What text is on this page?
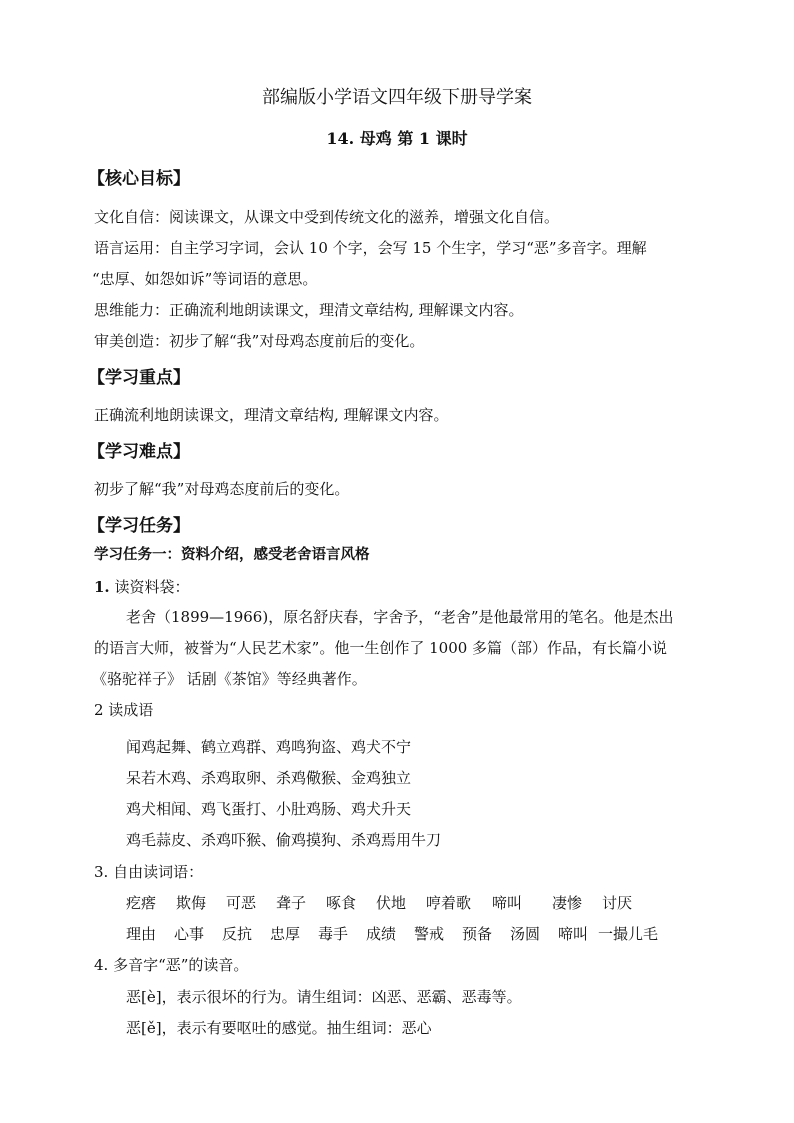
部编版小学语文四年级下册导学案
14. 母鸡 第 1 课时
【核心目标】
文化自信：阅读课文，从课文中受到传统文化的滋养，增强文化自信。
语言运用：自主学习字词，会认 10 个字，会写 15 个生字，学习“恶”多音字。理解
“忠厚、如怨如诉”等词语的意思。
思维能力：正确流利地朗读课文，理清文章结构, 理解课文内容。
审美创造：初步了解“我”对母鸡态度前后的变化。
【学习重点】
正确流利地朗读课文，理清文章结构, 理解课文内容。
【学习难点】
初步了解“我”对母鸡态度前后的变化。
【学习任务】
学习任务一：资料介绍，感受老舍语言风格
1. 读资料袋：
老舍（1899—1966)，原名舒庆春，字舍予，“老舍”是他最常用的笔名。他是杰出
的语言大师，被誉为“人民艺术家”。他一生创作了 1000 多篇（部）作品，有长篇小说
《骆驼祥子》 话剧《茶馆》等经典著作。
2 读成语
闻鸡起舞、鹤立鸡群、鸡鸣狗盗、鸡犬不宁
呆若木鸡、杀鸡取卵、杀鸡儆猴、金鸡独立
鸡犬相闻、鸡飞蛋打、小肚鸡肠、鸡犬升天
鸡毛蒜皮、杀鸡吓猴、偷鸡摸狗、杀鸡焉用牛刀
3. 自由读词语：
疙瘩 欺侮 可恶 聋子 啄食 伏地 哼着歌 啼叫 凄惨 讨厌
理由 心事 反抗 忠厚 毒手 成绩 警戒 预备 汤圆 啼叫 一撮儿毛
4. 多音字“恶”的读音。
恶[è]，表示很坏的行为。请生组词：凶恶、恶霸、恶毒等。
恶[ě]，表示有要呕吐的感觉。抽生组词：恶心
